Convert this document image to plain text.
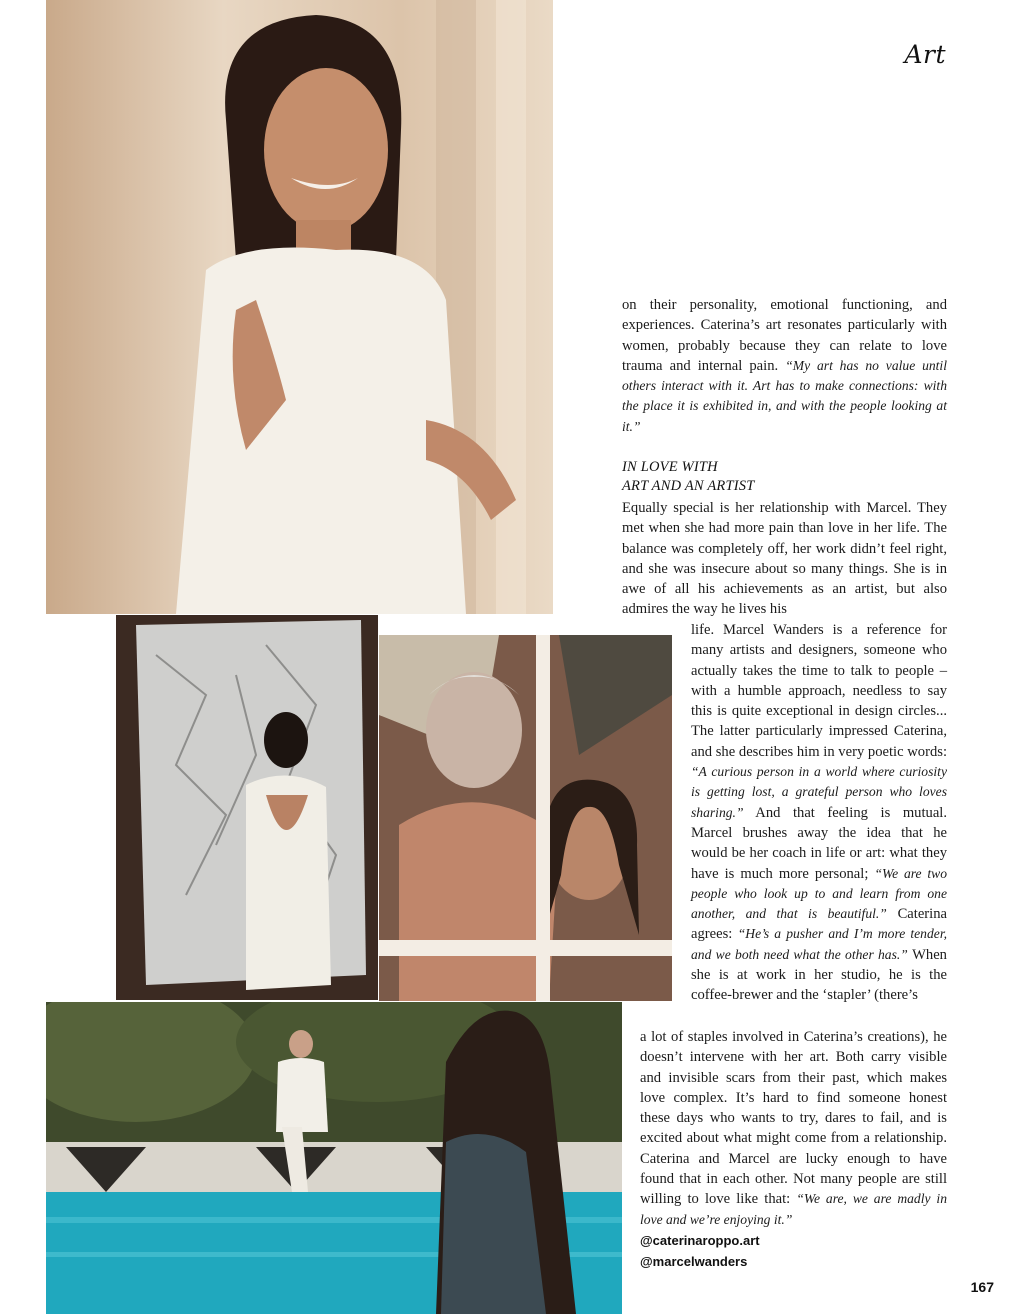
Art

on their personality, emotional functioning, and experiences. Caterina’s art resonates particularly with women, probably because they can relate to love trauma and internal pain. “My art has no value until others interact with it. Art has to make connections: with the place it is exhibited in, and with the people looking at it.”

IN LOVE WITH
ART AND AN ARTIST

Equally special is her relationship with Marcel. They met when she had more pain than love in her life. The balance was completely off, her work didn’t feel right, and she was insecure about so many things. She is in awe of all his achievements as an artist, but also admires the way he lives his

life. Marcel Wanders is a reference for many artists and designers, someone who actually takes the time to talk to people – with a humble approach, needless to say this is quite exceptional in design circles... The latter particularly impressed Caterina, and she describes him in very poetic words: “A curious person in a world where curiosity is getting lost, a grateful person who loves sharing.” And that feeling is mutual. Marcel brushes away the idea that he would be her coach in life or art: what they have is much more personal; “We are two people who look up to and learn from one another, and that is beautiful.” Caterina agrees: “He’s a pusher and I’m more tender, and we both need what the other has.” When she is at work in her studio, he is the coffee-brewer and the ‘stapler’ (there’s

a lot of staples involved in Caterina’s creations), he doesn’t intervene with her art. Both carry visible and invisible scars from their past, which makes love complex. It’s hard to find someone honest these days who wants to try, dares to fail, and is excited about what might come from a relationship. Caterina and Marcel are lucky enough to have found that in each other. Not many people are still willing to love like that: “We are, we are madly in love and we’re enjoying it.”

@caterinaroppo.art
@marcelwanders
167
